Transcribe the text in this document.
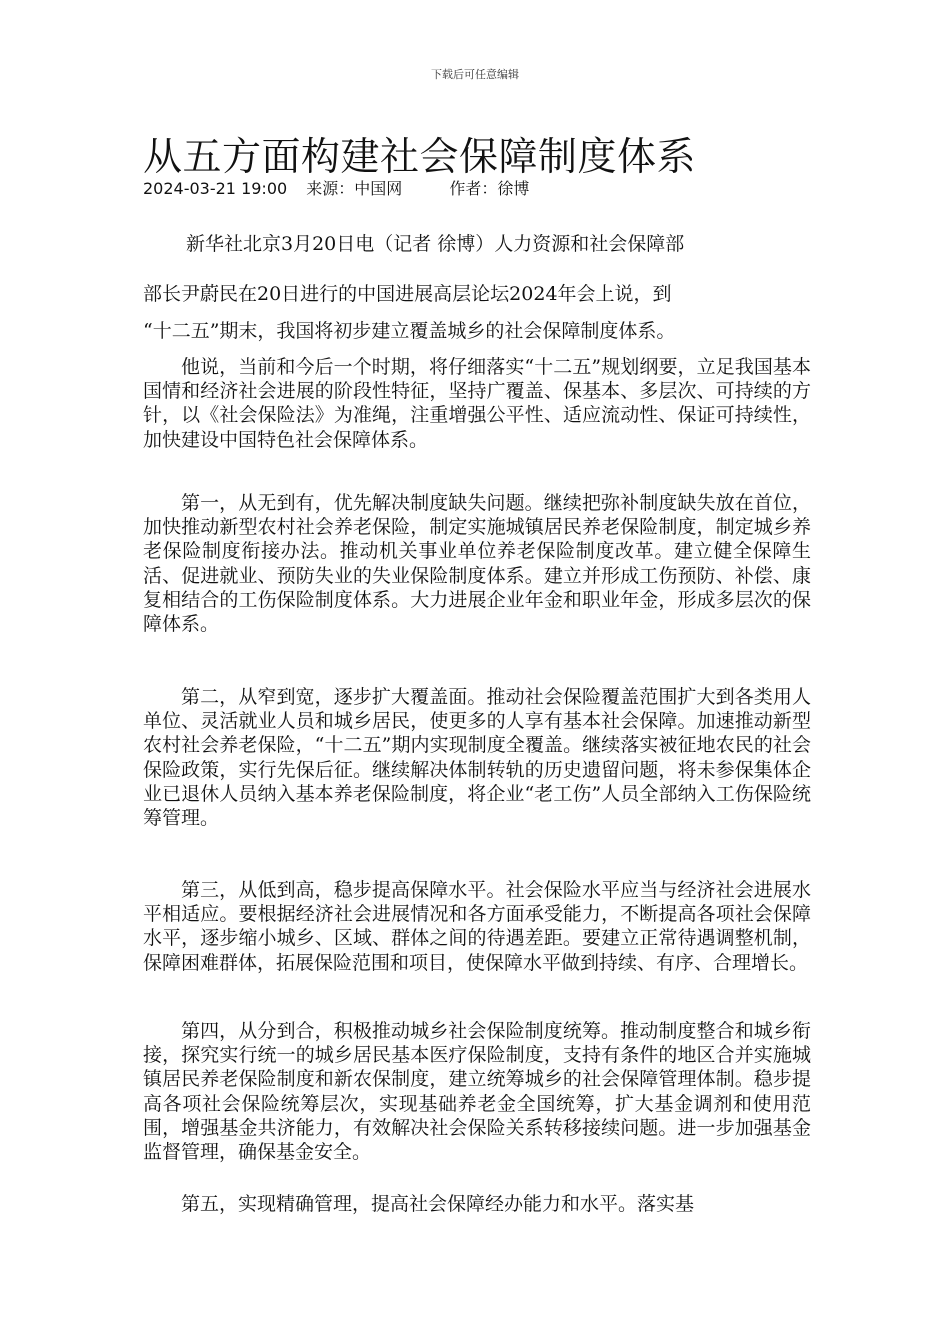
下载后可任意编辑
从五方面构建社会保障制度体系
2024-03-21 19:00 来源：中国网	作者：徐博
新华社北京3月20日电（记者 徐博）人力资源和社会保障部
部长尹蔚民在20日进行的中国进展高层论坛2024年会上说，到
“十二五”期末，我国将初步建立覆盖城乡的社会保障制度体系。

他说，当前和今后一个时期，将仔细落实“十二五”规划纲要，立足我国基本国情和经济社会进展的阶段性特征，坚持广覆盖、保基本、多层次、可持续的方针，以《社会保险法》为准绳，注重增强公平性、适应流动性、保证可持续性，加快建设中国特色社会保障体系。

第一，从无到有，优先解决制度缺失问题。继续把弥补制度缺失放在首位，加快推动新型农村社会养老保险，制定实施城镇居民养老保险制度，制定城乡养老保险制度衔接办法。推动机关事业单位养老保险制度改革。建立健全保障生活、促进就业、预防失业的失业保险制度体系。建立并形成工伤预防、补偿、康复相结合的工伤保险制度体系。大力进展企业年金和职业年金，形成多层次的保障体系。

第二，从窄到宽，逐步扩大覆盖面。推动社会保险覆盖范围扩大到各类用人单位、灵活就业人员和城乡居民，使更多的人享有基本社会保障。加速推动新型农村社会养老保险，“十二五”期内实现制度全覆盖。继续落实被征地农民的社会保险政策，实行先保后征。继续解决体制转轨的历史遗留问题，将未参保集体企业已退休人员纳入基本养老保险制度，将企业“老工伤”人员全部纳入工伤保险统筹管理。

第三，从低到高，稳步提高保障水平。社会保险水平应当与经济社会进展水平相适应。要根据经济社会进展情况和各方面承受能力，不断提高各项社会保障水平，逐步缩小城乡、区域、群体之间的待遇差距。要建立正常待遇调整机制，保障困难群体，拓展保险范围和项目，使保障水平做到持续、有序、合理增长。

第四，从分到合，积极推动城乡社会保险制度统筹。推动制度整合和城乡衔接，探究实行统一的城乡居民基本医疗保险制度，支持有条件的地区合并实施城镇居民养老保险制度和新农保制度，建立统筹城乡的社会保障管理体制。稳步提高各项社会保险统筹层次，实现基础养老金全国统筹，扩大基金调剂和使用范围，增强基金共济能力，有效解决社会保险关系转移接续问题。进一步加强基金监督管理，确保基金安全。

第五，实现精确管理，提高社会保障经办能力和水平。落实基
